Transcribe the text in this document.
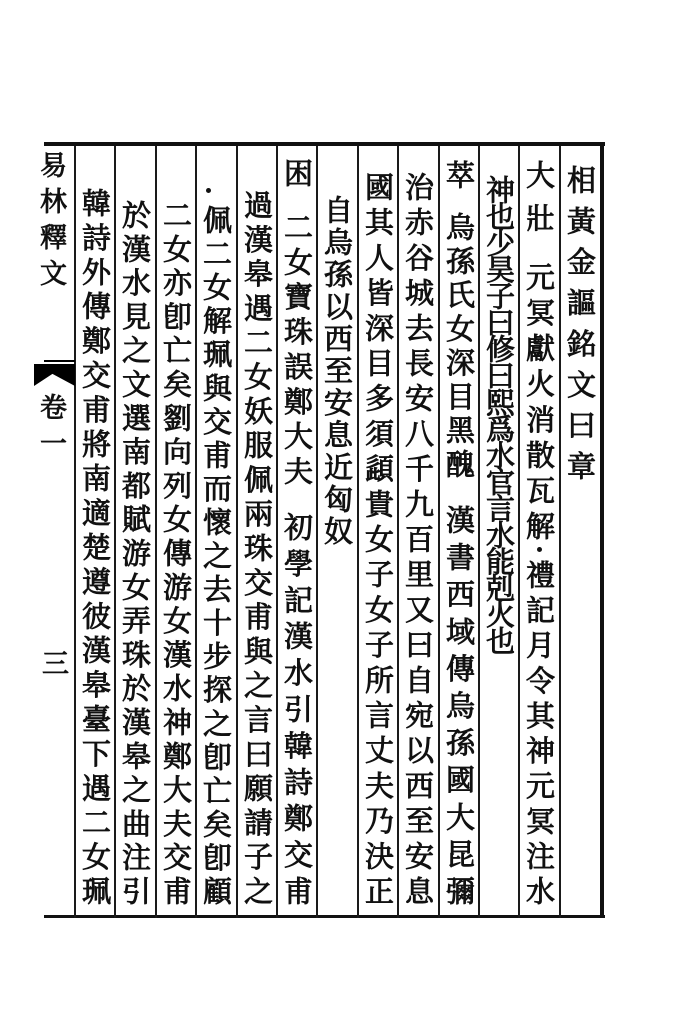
相黃金謳銘文曰章
大壯
元冥獻火消散瓦解
禮記月令其神元冥注水
神也少昊子曰修曰熙爲水官言水能剋火也
萃
烏孫氏女深目黑醜
漢書西域傳烏孫國大昆彌
治赤谷城去長安八千九百里又曰自宛以西至安息
國其人皆深目多須頿貴女子女子所言丈夫乃決正
自烏孫以西至安息近匈奴
困
二女寶珠誤鄭大夫
初學記漢水引韓詩鄭交甫
過漢皋遇二女妖服佩兩珠交甫與之言曰願請子之
佩二女解珮與交甫而懷之去十步探之卽亡矣卽顧
二女亦卽亡矣劉向列女傳游女漢水神鄭大夫交甫
於漢水見之文選南都賦游女弄珠於漢皋之曲注引
韓詩外傳鄭交甫將南適楚遵彼漢皋臺下遇二女珮
易林釋文
卷一
三
